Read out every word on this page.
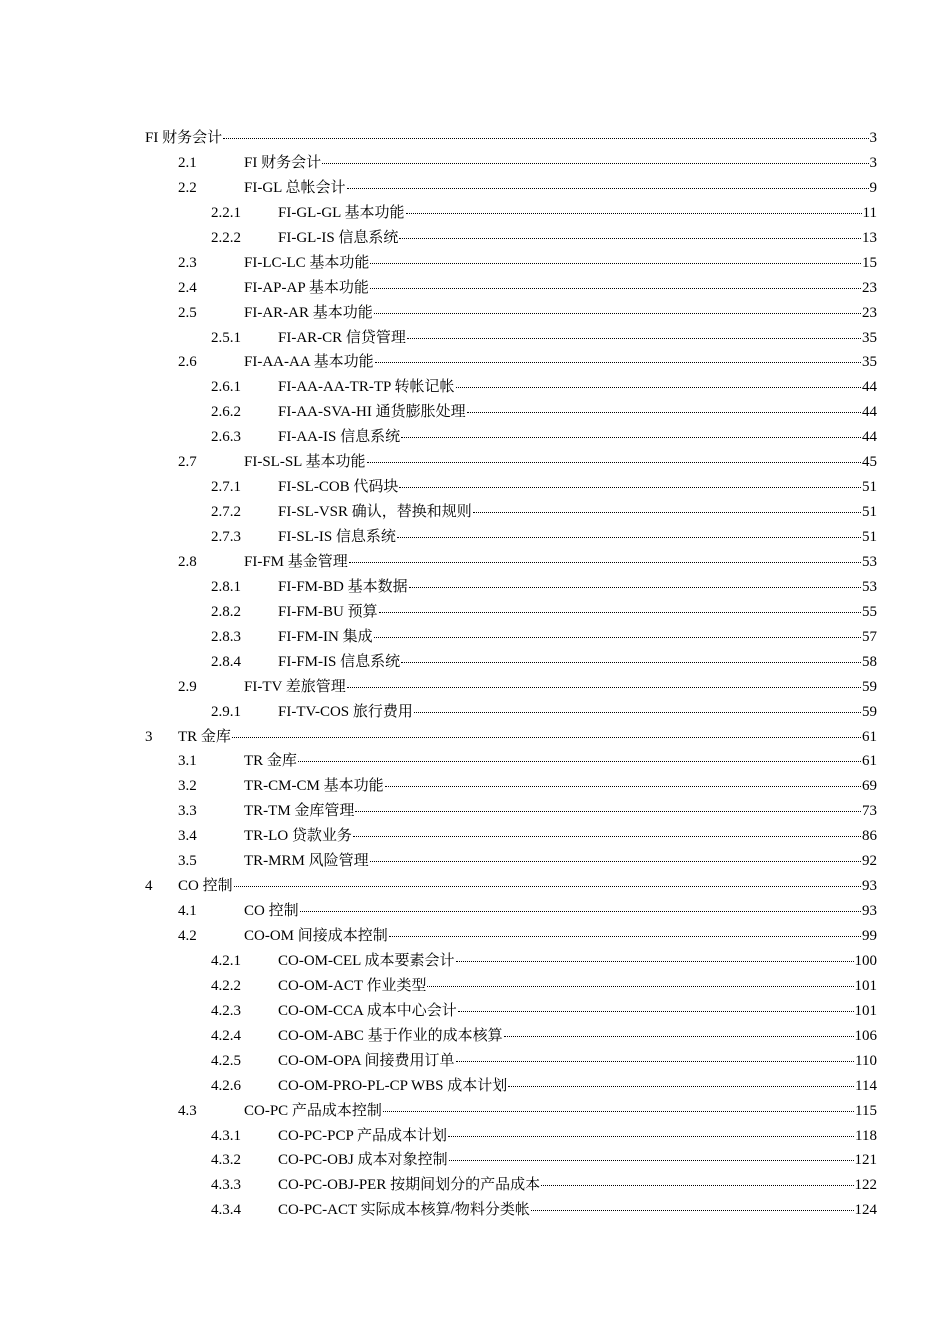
FI 财务会计	3
2.1	FI 财务会计	3
2.2	FI-GL 总帐会计	9
2.2.1	FI-GL-GL 基本功能	11
2.2.2	FI-GL-IS 信息系统	13
2.3	FI-LC-LC 基本功能	15
2.4	FI-AP-AP 基本功能	23
2.5	FI-AR-AR 基本功能	23
2.5.1	FI-AR-CR 信贷管理	35
2.6	FI-AA-AA 基本功能	35
2.6.1	FI-AA-AA-TR-TP 转帐记帐	44
2.6.2	FI-AA-SVA-HI 通货膨胀处理	44
2.6.3	FI-AA-IS 信息系统	44
2.7	FI-SL-SL 基本功能	45
2.7.1	FI-SL-COB 代码块	51
2.7.2	FI-SL-VSR 确认，替换和规则	51
2.7.3	FI-SL-IS 信息系统	51
2.8	FI-FM 基金管理	53
2.8.1	FI-FM-BD 基本数据	53
2.8.2	FI-FM-BU 预算	55
2.8.3	FI-FM-IN 集成	57
2.8.4	FI-FM-IS 信息系统	58
2.9	FI-TV 差旅管理	59
2.9.1	FI-TV-COS 旅行费用	59
3	TR 金库	61
3.1	TR 金库	61
3.2	TR-CM-CM 基本功能	69
3.3	TR-TM 金库管理	73
3.4	TR-LO 贷款业务	86
3.5	TR-MRM 风险管理	92
4	CO 控制	93
4.1	CO 控制	93
4.2	CO-OM 间接成本控制	99
4.2.1	CO-OM-CEL 成本要素会计	100
4.2.2	CO-OM-ACT 作业类型	101
4.2.3	CO-OM-CCA 成本中心会计	101
4.2.4	CO-OM-ABC 基于作业的成本核算	106
4.2.5	CO-OM-OPA 间接费用订单	110
4.2.6	CO-OM-PRO-PL-CP WBS 成本计划	114
4.3	CO-PC 产品成本控制	115
4.3.1	CO-PC-PCP 产品成本计划	118
4.3.2	CO-PC-OBJ 成本对象控制	121
4.3.3	CO-PC-OBJ-PER 按期间划分的产品成本	122
4.3.4	CO-PC-ACT 实际成本核算/物料分类帐	124
